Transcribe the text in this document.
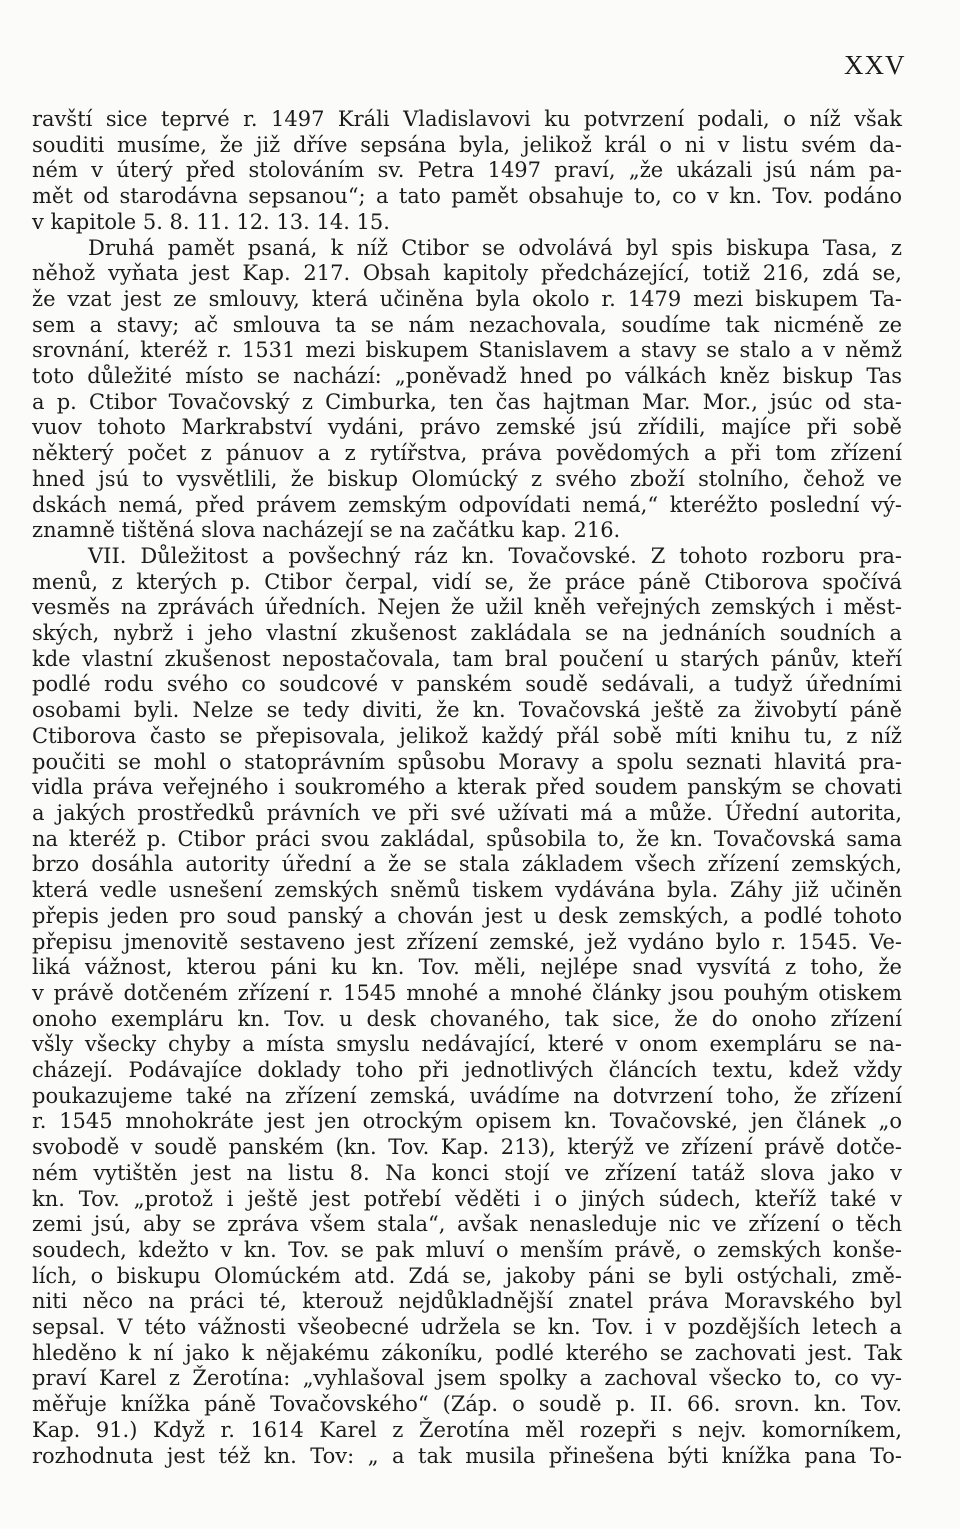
XXV
ravští sice teprvé r. 1497 Králi Vladislavovi ku potvrzení podali, o níž však
souditi musíme, že již dříve sepsána byla, jelikož král o ni v listu svém da-
ném v úterý před stolováním sv. Petra 1497 praví, „že ukázali jsú nám pa-
mět od starodávna sepsanou“; a tato pamět obsahuje to, co v kn. Tov. podáno
v kapitole 5. 8. 11. 12. 13. 14. 15.
Druhá pamět psaná, k níž Ctibor se odvolává byl spis biskupa Tasa, z
něhož vyňata jest Kap. 217. Obsah kapitoly předcházející, totiž 216, zdá se,
že vzat jest ze smlouvy, která učiněna byla okolo r. 1479 mezi biskupem Ta-
sem a stavy; ač smlouva ta se nám nezachovala, soudíme tak nicméně ze
srovnání, kteréž r. 1531 mezi biskupem Stanislavem a stavy se stalo a v němž
toto důležité místo se nachází: „poněvadž hned po válkách kněz biskup Tas
a p. Ctibor Tovačovský z Cimburka, ten čas hajtman Mar. Mor., jsúc od sta-
vuov tohoto Markrabství vydáni, právo zemské jsú zřídili, majíce při sobě
některý počet z pánuov a z rytířstva, práva povědomých a při tom zřízení
hned jsú to vysvětlili, že biskup Olomúcký z svého zboží stolního, čehož ve
dskách nemá, před právem zemským odpovídati nemá,“ kteréžto poslední vý-
znamně tištěná slova nacházejí se na začátku kap. 216.
VII. Důležitost a povšechný ráz kn. Tovačovské. Z tohoto rozboru pra-
menů, z kterých p. Ctibor čerpal, vidí se, že práce páně Ctiborova spočívá
vesměs na zprávách úředních. Nejen že užil kněh veřejných zemských i měst-
ských, nybrž i jeho vlastní zkušenost zakládala se na jednáních soudních a
kde vlastní zkušenost nepostačovala, tam bral poučení u starých pánův, kteří
podlé rodu svého co soudcové v panském soudě sedávali, a tudyž úředními
osobami byli. Nelze se tedy diviti, že kn. Tovačovská ještě za živobytí páně
Ctiborova často se přepisovala, jelikož každý přál sobě míti knihu tu, z níž
poučiti se mohl o statoprávním spůsobu Moravy a spolu seznati hlavitá pra-
vidla práva veřejného i soukromého a kterak před soudem panským se chovati
a jakých prostředků právních ve při své užívati má a může. Úřední autorita,
na kteréž p. Ctibor práci svou zakládal, spůsobila to, že kn. Tovačovská sama
brzo dosáhla autority úřední a že se stala základem všech zřízení zemských,
která vedle usnešení zemských sněmů tiskem vydávána byla. Záhy již učiněn
přepis jeden pro soud panský a chován jest u desk zemských, a podlé tohoto
přepisu jmenovitě sestaveno jest zřízení zemské, jež vydáno bylo r. 1545. Ve-
liká vážnost, kterou páni ku kn. Tov. měli, nejlépe snad vysvítá z toho, že
v právě dotčeném zřízení r. 1545 mnohé a mnohé články jsou pouhým otiskem
onoho exempláru kn. Tov. u desk chovaného, tak sice, že do onoho zřízení
všly všecky chyby a místa smyslu nedávající, které v onom exempláru se na-
cházejí. Podávajíce doklady toho při jednotlivých článcích textu, kdež vždy
poukazujeme také na zřízení zemská, uvádíme na dotvrzení toho, že zřízení
r. 1545 mnohokráte jest jen otrockým opisem kn. Tovačovské, jen článek „o
svobodě v soudě panském (kn. Tov. Kap. 213), kterýž ve zřízení právě dotče-
ném vytištěn jest na listu 8. Na konci stojí ve zřízení tatáž slova jako v
kn. Tov. „protož i ještě jest potřebí věděti i o jiných súdech, kteříž také v
zemi jsú, aby se zpráva všem stala“, avšak nenasleduje nic ve zřízení o těch
soudech, kdežto v kn. Tov. se pak mluví o menším právě, o zemských konše-
lích, o biskupu Olomúckém atd. Zdá se, jakoby páni se byli ostýchali, změ-
niti něco na práci té, kterouž nejdůkladnější znatel práva Moravského byl
sepsal. V této vážnosti všeobecné udržela se kn. Tov. i v pozdějších letech a
hleděno k ní jako k nějakému zákoníku, podlé kterého se zachovati jest. Tak
praví Karel z Žerotína: „vyhlašoval jsem spolky a zachoval všecko to, co vy-
měřuje knížka páně Tovačovského“ (Záp. o soudě p. II. 66. srovn. kn. Tov.
Kap. 91.) Když r. 1614 Karel z Žerotína měl rozepři s nejv. komorníkem,
rozhodnuta jest též kn. Tov: „ a tak musila přinešena býti knížka pana To-
